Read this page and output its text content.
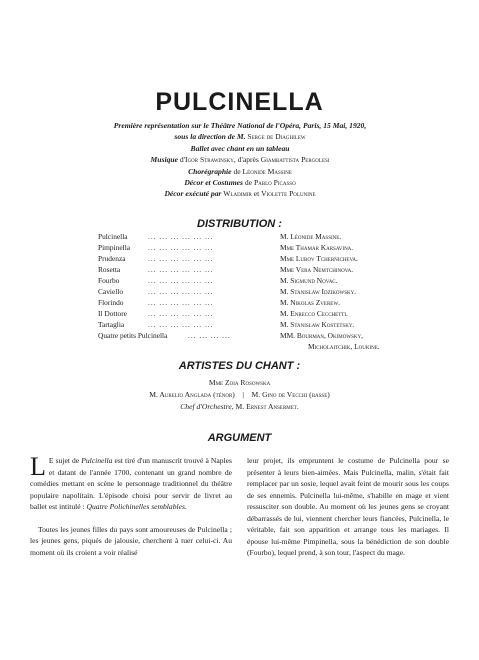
PULCINELLA
Première représentation sur le Théâtre National de l'Opéra, Paris, 15 Mai, 1920,
sous la direction de M. Serge de Diaghilew
Ballet avec chant en un tableau
Musique d'Igor Strawinsky, d'après Giambattista Pergolesi
Chorégraphie de Léonide Massine
Décor et Costumes de Pablo Picasso
Décor exécuté par Wladimir et Violette Polunine
DISTRIBUTION :
Pulcinella	... ... ... ... ... ...	M. Léonide Massine.
Pimpinella	... ... ... ... ... ...	Mme Thamar Karsavina.
Prudenza	... ... ... ... ... ...	Mme Lubov Tchernicheva.
Rosetta	... ... ... ... ... ...	Mme Vera Nemtchinova.
Fourbo	... ... ... ... ... ...	M. Sigmund Novac.
Caviello	... ... ... ... ... ...	M. Stanislaw Idzikowsky.
Florindo	... ... ... ... ... ...	M. Nikolas Zverew.
Il Dottore	... ... ... ... ... ...	M. Enrecco Cecchetti.
Tartaglia	... ... ... ... ... ...	M. Stanislaw Kostetsky.
Quatre petits Pulcinella	... ... ... ...	MM. Bourman, Okimowsky,
Micholaitchik, Loukine.
ARTISTES DU CHANT :
Mme Zoia Rosowska
M. Aurelio Anglada (ténor) | M. Gino de Vecchi (basse)
Chef d'Orchestre, M. Ernest Ansermet.
ARGUMENT

L E sujet de Pulcinella est tiré d'un manuscrit trouvé à Naples et datant de l'année 1700, contenant un grand nombre de comédies mettant en scène le personnage traditionnel du théâtre populaire napolitain. L'épisode choisi pour servir de livret au ballet est intitulé : Quatre Polichinelles semblables.

Toutes les jeunes filles du pays sont amoureuses de Pulcinella ; les jeunes gens, piqués de jalousie, cherchent à tuer celui-ci. Au moment où ils croient a voir réalisé

leur projet, ils empruntent le costume de Pulcinella pour se présenter à leurs bien-aimées. Mais Pulcinella, malin, s'était fait remplacer par un sosie, lequel avait feint de mourir sous les coups de ses ennemis. Pulcinella lui-même, s'habille en mage et vient ressusciter son double. Au moment où les jeunes gens se croyant débarrassés de lui, viennent chercher leurs fiancées, Pulcinella, le véritable, fait son apparition et arrange tous les mariages. Il épouse lui-même Pimpinella, sous la bénédiction de son double (Fourbo), lequel prend, à son tour, l'aspect du mage.
